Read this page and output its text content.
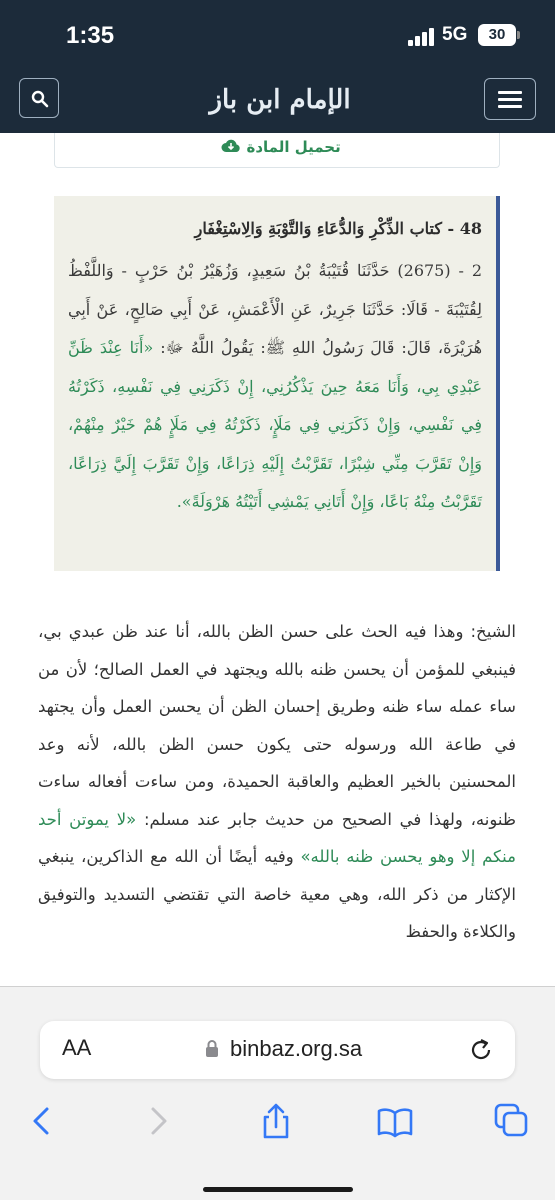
1:35	5G	30
الإمام ابن باز
تحميل المادة
48 - كتاب الذِّكْرِ وَالدُّعَاءِ وَالتَّوْبَةِ وَالِاسْتِغْفَارِ
2 - (2675) حَدَّثَنَا قُتَيْبَةُ بْنُ سَعِيدٍ، وَزُهَيْرُ بْنُ حَرْبٍ - وَاللَّفْظُ لِقُتَيْبَةَ - قَالَا: حَدَّثَنَا جَرِيرٌ، عَنِ الْأَعْمَشِ، عَنْ أَبِي صَالِحٍ، عَنْ أَبِي هُرَيْرَةَ، قَالَ: قَالَ رَسُولُ اللهِ ﷺ: يَقُولُ اللَّهُ ﷻ: «أَنَا عِنْدَ ظَنِّ عَبْدِي بِي، وَأَنَا مَعَهُ حِينَ يَذْكُرُنِي، إِنْ ذَكَرَنِي فِي نَفْسِهِ، ذَكَرْتُهُ فِي نَفْسِي، وَإِنْ ذَكَرَنِي فِي مَلَإٍ، ذَكَرْتُهُ فِي مَلَإٍ هُمْ خَيْرٌ مِنْهُمْ، وَإِنْ تَقَرَّبَ مِنِّي شِبْرًا، تَقَرَّبْتُ إِلَيْهِ ذِرَاعًا، وَإِنْ تَقَرَّبَ إِلَيَّ ذِرَاعًا، تَقَرَّبْتُ مِنْهُ بَاعًا، وَإِنْ أَتَانِي يَمْشِي أَتَيْتُهُ هَرْوَلَةً».
الشيخ: وهذا فيه الحث على حسن الظن بالله، أنا عند ظن عبدي بي، فينبغي للمؤمن أن يحسن ظنه بالله ويجتهد في العمل الصالح؛ لأن من ساء عمله ساء ظنه وطريق إحسان الظن أن يحسن العمل وأن يجتهد في طاعة الله ورسوله حتى يكون حسن الظن بالله، لأنه وعد المحسنين بالخير العظيم والعاقبة الحميدة، ومن ساءت أفعاله ساءت ظنونه، ولهذا في الصحيح من حديث جابر عند مسلم: «لا يموتن أحد منكم إلا وهو يحسن ظنه بالله» وفيه أيضًا أن الله مع الذاكرين، ينبغي الإكثار من ذكر الله، وهي معية خاصة التي تقتضي التسديد والتوفيق والكلاءة والحفظ
AA	binbaz.org.sa
